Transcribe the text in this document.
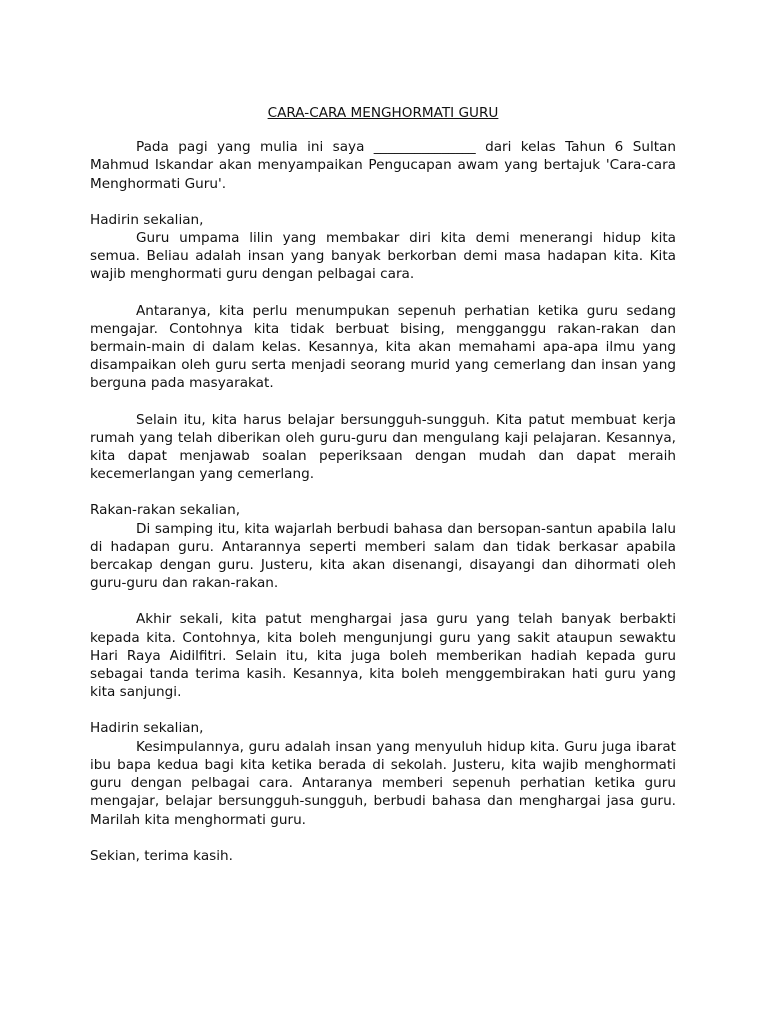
CARA-CARA MENGHORMATI GURU
Pada pagi yang mulia ini saya _______________ dari kelas Tahun 6 Sultan Mahmud Iskandar akan menyampaikan Pengucapan awam yang bertajuk 'Cara-cara Menghormati Guru'.
Hadirin sekalian,
Guru umpama lilin yang membakar diri kita demi menerangi hidup kita semua. Beliau adalah insan yang banyak berkorban demi masa hadapan kita. Kita wajib menghormati guru dengan pelbagai cara.
Antaranya, kita perlu menumpukan sepenuh perhatian ketika guru sedang mengajar. Contohnya kita tidak berbuat bising, mengganggu rakan-rakan dan bermain-main di dalam kelas. Kesannya, kita akan memahami apa-apa ilmu yang disampaikan oleh guru serta menjadi seorang murid yang cemerlang dan insan yang berguna pada masyarakat.
Selain itu, kita harus belajar bersungguh-sungguh. Kita patut membuat kerja rumah yang telah diberikan oleh guru-guru dan mengulang kaji pelajaran. Kesannya, kita dapat menjawab soalan peperiksaan dengan mudah dan dapat meraih kecemerlangan yang cemerlang.
Rakan-rakan sekalian,
Di samping itu, kita wajarlah berbudi bahasa dan bersopan-santun apabila lalu di hadapan guru. Antarannya seperti memberi salam dan tidak berkasar apabila bercakap dengan guru. Justeru, kita akan disenangi, disayangi dan dihormati oleh guru-guru dan rakan-rakan.
Akhir sekali, kita patut menghargai jasa guru yang telah banyak berbakti kepada kita. Contohnya, kita boleh mengunjungi guru yang sakit ataupun sewaktu Hari Raya Aidilfitri. Selain itu, kita juga boleh memberikan hadiah kepada guru sebagai tanda terima kasih. Kesannya, kita boleh menggembirakan hati guru yang kita sanjungi.
Hadirin sekalian,
Kesimpulannya, guru adalah insan yang menyuluh hidup kita. Guru juga ibarat ibu bapa kedua bagi kita ketika berada di sekolah. Justeru, kita wajib menghormati guru dengan pelbagai cara. Antaranya memberi sepenuh perhatian ketika guru mengajar, belajar bersungguh-sungguh, berbudi bahasa dan menghargai jasa guru. Marilah kita menghormati guru.
Sekian, terima kasih.
